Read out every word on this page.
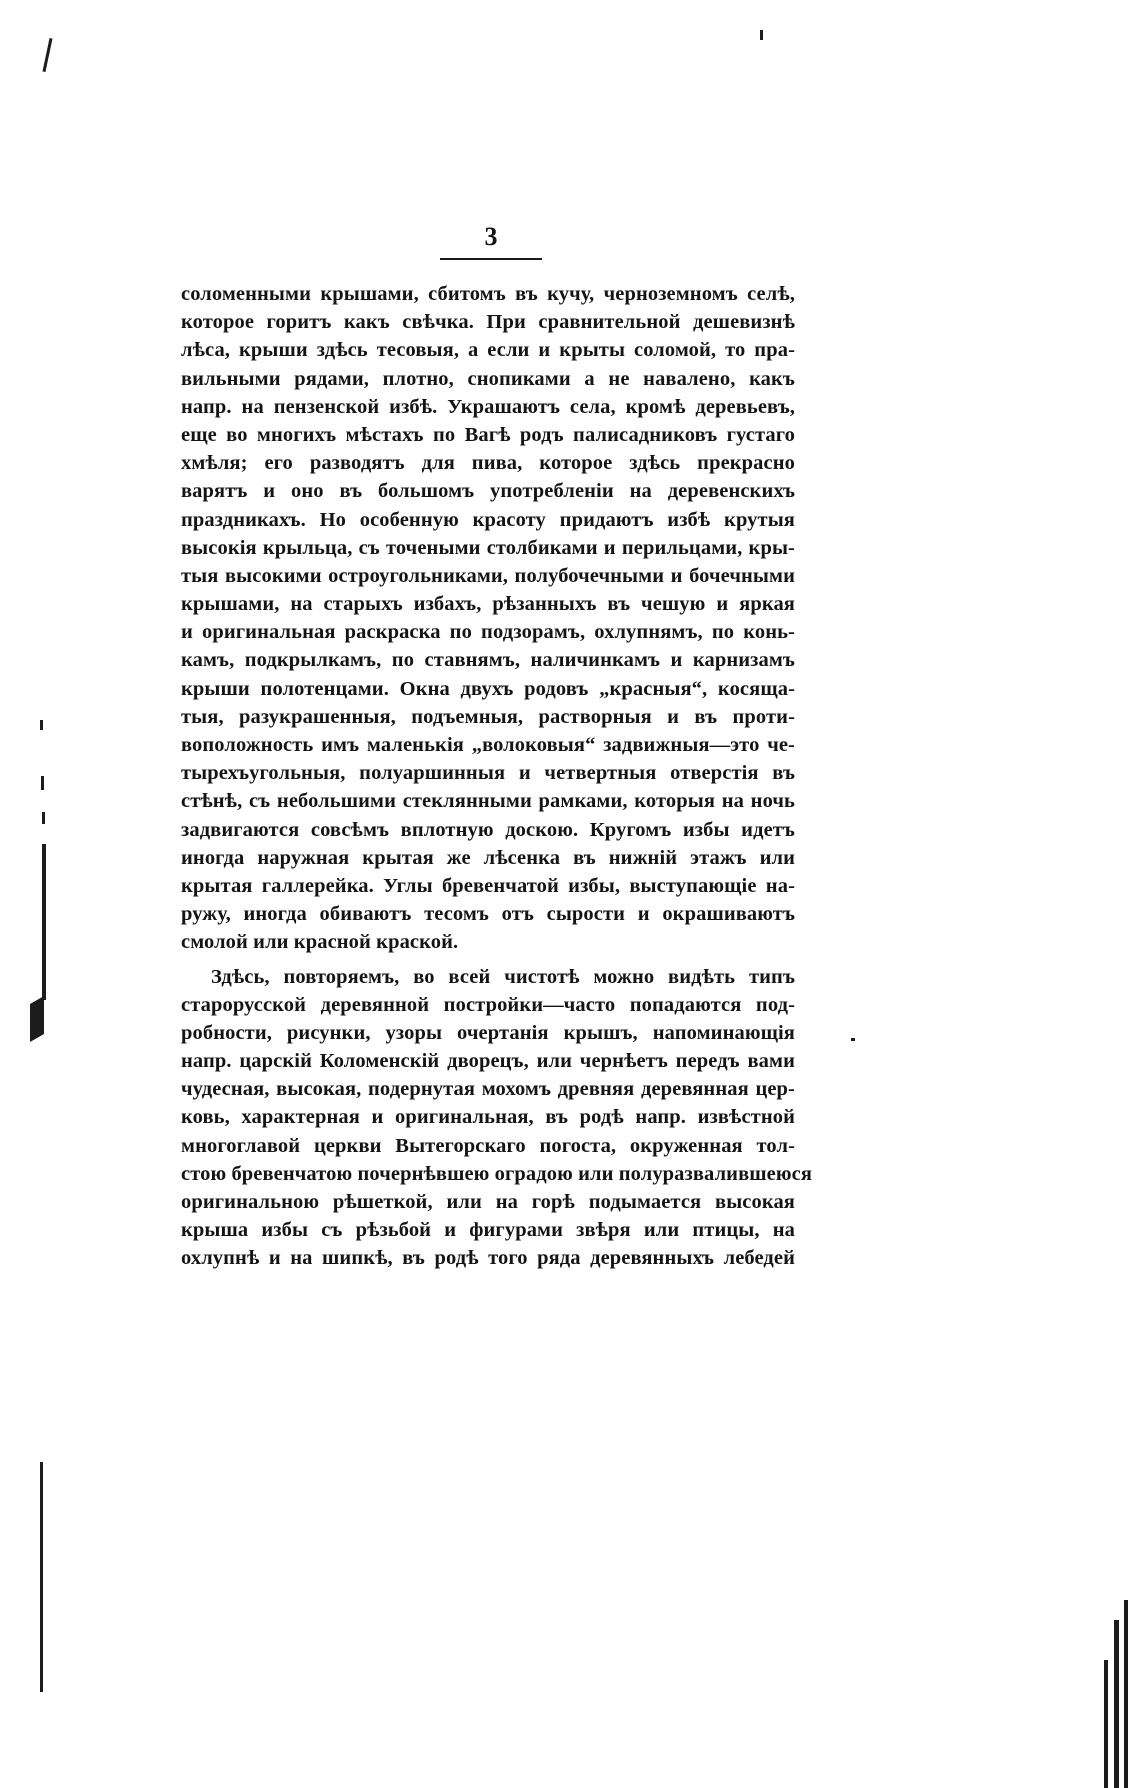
3
соломенными крышами, сбитомъ въ кучу, черноземномъ селѣ,
которое горитъ какъ свѣчка. При сравнительной дешевизнѣ
лѣса, крыши здѣсь тесовыя, а если и крыты соломой, то пра-
вильными рядами, плотно, снопиками а не навалено, какъ
напр. на пензенской избѣ. Украшаютъ села, кромѣ деревьевъ,
еще во многихъ мѣстахъ по Вагѣ родъ палисадниковъ густаго
хмѣля; его разводятъ для пива, которое здѣсь прекрасно
варятъ и оно въ большомъ употребленiи на деревенскихъ
праздникахъ. Но особенную красоту придаютъ избѣ крутыя
высокiя крыльца, съ точеными столбиками и перильцами, кры-
тыя высокими остроугольниками, полубочечными и бочечными
крышами, на старыхъ избахъ, рѣзанныхъ въ чешую и яркая
и оригинальная раскраска по подзорамъ, охлупнямъ, по конь-
камъ, подкрылкамъ, по ставнямъ, наличинкамъ и карнизамъ
крыши полотенцами. Окна двухъ родовъ „красныя“, косяща-
тыя, разукрашенныя, подъемныя, растворныя и въ проти-
воположность имъ маленькiя „волоковыя“ задвижныя—это че-
тырехъугольныя, полуаршинныя и четвертныя отверстiя въ
стѣнѣ, съ небольшими стеклянными рамками, которыя на ночь
задвигаются совсѣмъ вплотную доскою. Кругомъ избы идетъ
иногда наружная крытая же лѣсенка въ нижнiй этажъ или
крытая галлерейка. Углы бревенчатой избы, выступающiе на-
ружу, иногда обиваютъ тесомъ отъ сырости и окрашиваютъ
смолой или красной краской.
Здѣсь, повторяемъ, во всей чистотѣ можно видѣть типъ
старорусской деревянной постройки—часто попадаются под-
робности, рисунки, узоры очертанiя крышъ, напоминающiя
напр. царскiй Коломенскiй дворецъ, или чернѣетъ передъ вами
чудесная, высокая, подернутая мохомъ древняя деревянная цер-
ковь, характерная и оригинальная, въ родѣ напр. извѣстной
многоглавой церкви Вытегорскаго погоста, окруженная тол-
стою бревенчатою почернѣвшею оградою или полуразвалившеюся
оригинальною рѣшеткой, или на горѣ подымается высокая
крыша избы съ рѣзьбой и фигурами звѣря или птицы, на
охлупнѣ и на шипкѣ, въ родѣ того ряда деревянныхъ лебедей
